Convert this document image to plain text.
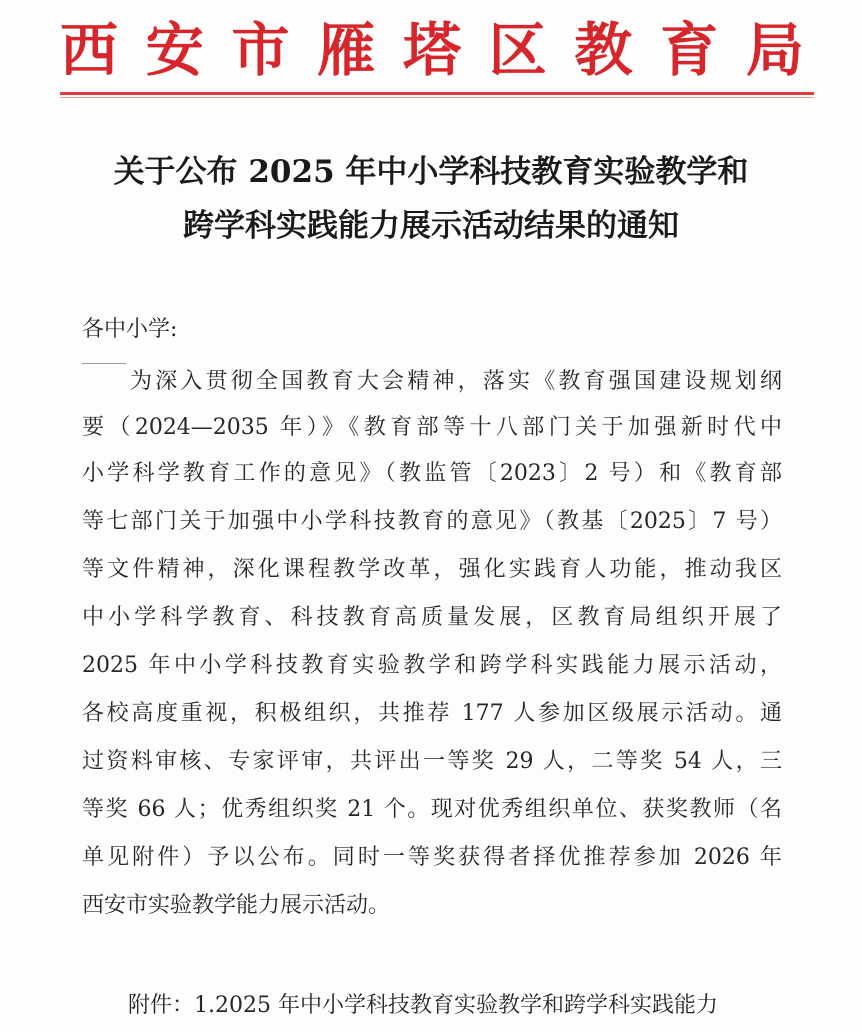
西 安 市 雁 塔 区 教 育 局
关于公布 2025 年中小学科技教育实验教学和
跨学科实践能力展示活动结果的通知
各中小学:
为深入贯彻全国教育大会精神，落实《教育强国建设规划纲
要（2024—2035 年）》《教育部等十八部门关于加强新时代中
小学科学教育工作的意见》（教监管〔2023〕2 号）和《教育部
等七部门关于加强中小学科技教育的意见》（教基〔2025〕7 号）
等文件精神，深化课程教学改革，强化实践育人功能，推动我区
中小学科学教育、科技教育高质量发展，区教育局组织开展了
2025 年中小学科技教育实验教学和跨学科实践能力展示活动，
各校高度重视，积极组织，共推荐 177 人参加区级展示活动。通
过资料审核、专家评审，共评出一等奖 29 人，二等奖 54 人，三
等奖 66 人；优秀组织奖 21 个。现对优秀组织单位、获奖教师（名
单见附件）予以公布。同时一等奖获得者择优推荐参加 2026 年
西安市实验教学能力展示活动。
附件：1.2025 年中小学科技教育实验教学和跨学科实践能力
